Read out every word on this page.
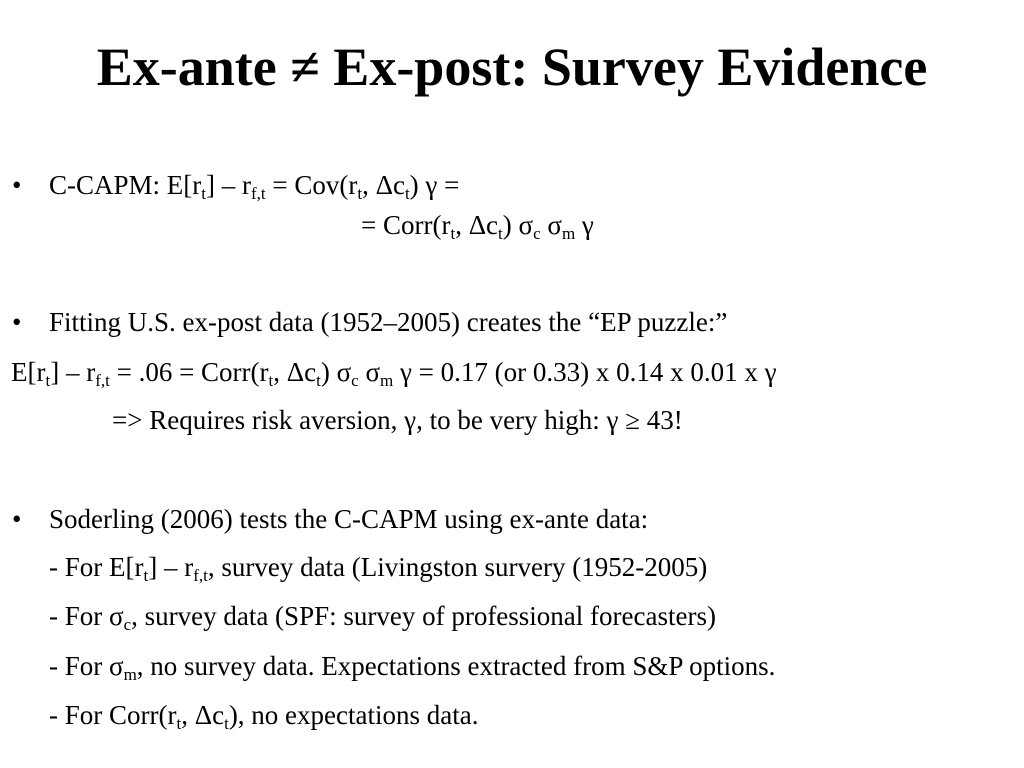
Ex-ante ≠ Ex-post: Survey Evidence
• C-CAPM: $E[r_t] - r_{f,t} = Cov(r_t$, $\Delta c_t$) γ =
= $Corr(r_t$, $\Delta c_t$) $\sigma_c$ $\sigma_m$ γ
• Fitting U.S. ex-post data (1952–2005) creates the “EP puzzle:”
$E[r_t] - r_{f,t} = .06$ = $Corr(r_t$, $\Delta c_t$) $\sigma_c$ $\sigma_m$ γ = 0.17 (or 0.33) x 0.14 x 0.01 x γ
=> Requires risk aversion, γ, to be very high: γ ≥ 43!
• Soderling (2006) tests the C-CAPM using ex-ante data:
- For $E[r_t] - r_{f,t}$, survey data (Livingston survery (1952-2005)
- For $\sigma_c$, survey data (SPF: survey of professional forecasters)
- For $\sigma_m$, no survey data. Expectations extracted from S&P options.
- For $Corr(r_t$, $\Delta c_t$), no expectations data.
